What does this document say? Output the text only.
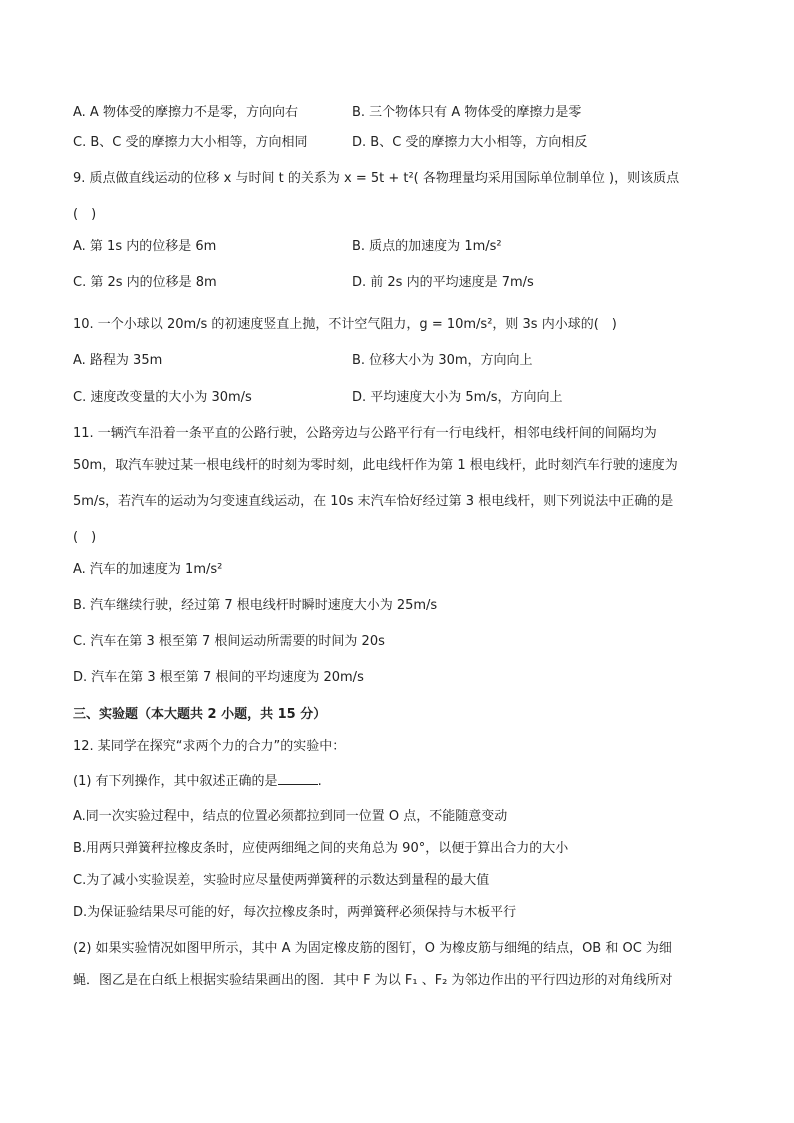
A. A 物体受的摩擦力不是零，方向向右	B. 三个物体只有 A 物体受的摩擦力是零
C. B、C 受的摩擦力大小相等，方向相同	D. B、C 受的摩擦力大小相等，方向相反
9. 质点做直线运动的位移 x 与时间 t 的关系为 x = 5t + t²( 各物理量均采用国际单位制单位 )，则该质点
(　)
A. 第 1s 内的位移是 6m	B. 质点的加速度为 1m/s²
C. 第 2s 内的位移是 8m	D. 前 2s 内的平均速度是 7m/s
10. 一个小球以 20m/s 的初速度竖直上抛，不计空气阻力，g = 10m/s²，则 3s 内小球的(　)
A. 路程为 35m	B. 位移大小为 30m，方向向上
C. 速度改变量的大小为 30m/s	D. 平均速度大小为 5m/s，方向向上
11. 一辆汽车沿着一条平直的公路行驶，公路旁边与公路平行有一行电线杆，相邻电线杆间的间隔均为
50m，取汽车驶过某一根电线杆的时刻为零时刻，此电线杆作为第 1 根电线杆，此时刻汽车行驶的速度为
5m/s，若汽车的运动为匀变速直线运动，在 10s 末汽车恰好经过第 3 根电线杆，则下列说法中正确的是
(　)
A. 汽车的加速度为 1m/s²
B. 汽车继续行驶，经过第 7 根电线杆时瞬时速度大小为 25m/s
C. 汽车在第 3 根至第 7 根间运动所需要的时间为 20s
D. 汽车在第 3 根至第 7 根间的平均速度为 20m/s
三、实验题（本大题共 2 小题，共 15 分）
12. 某同学在探究“求两个力的合力”的实验中：
(1) 有下列操作，其中叙述正确的是	.
A.同一次实验过程中，结点的位置必须都拉到同一位置 O 点，不能随意变动
B.用两只弹簧秤拉橡皮条时，应使两细绳之间的夹角总为 90°，以便于算出合力的大小
C.为了减小实验误差，实验时应尽量使两弹簧秤的示数达到量程的最大值
D.为保证验结果尽可能的好，每次拉橡皮条时，两弹簧秤必须保持与木板平行
(2) 如果实验情况如图甲所示，其中 A 为固定橡皮筋的图钉，O 为橡皮筋与细绳的结点，OB 和 OC 为细
蝇．图乙是在白纸上根据实验结果画出的图．其中 F 为以 F₁ 、F₂ 为邻边作出的平行四边形的对角线所对
